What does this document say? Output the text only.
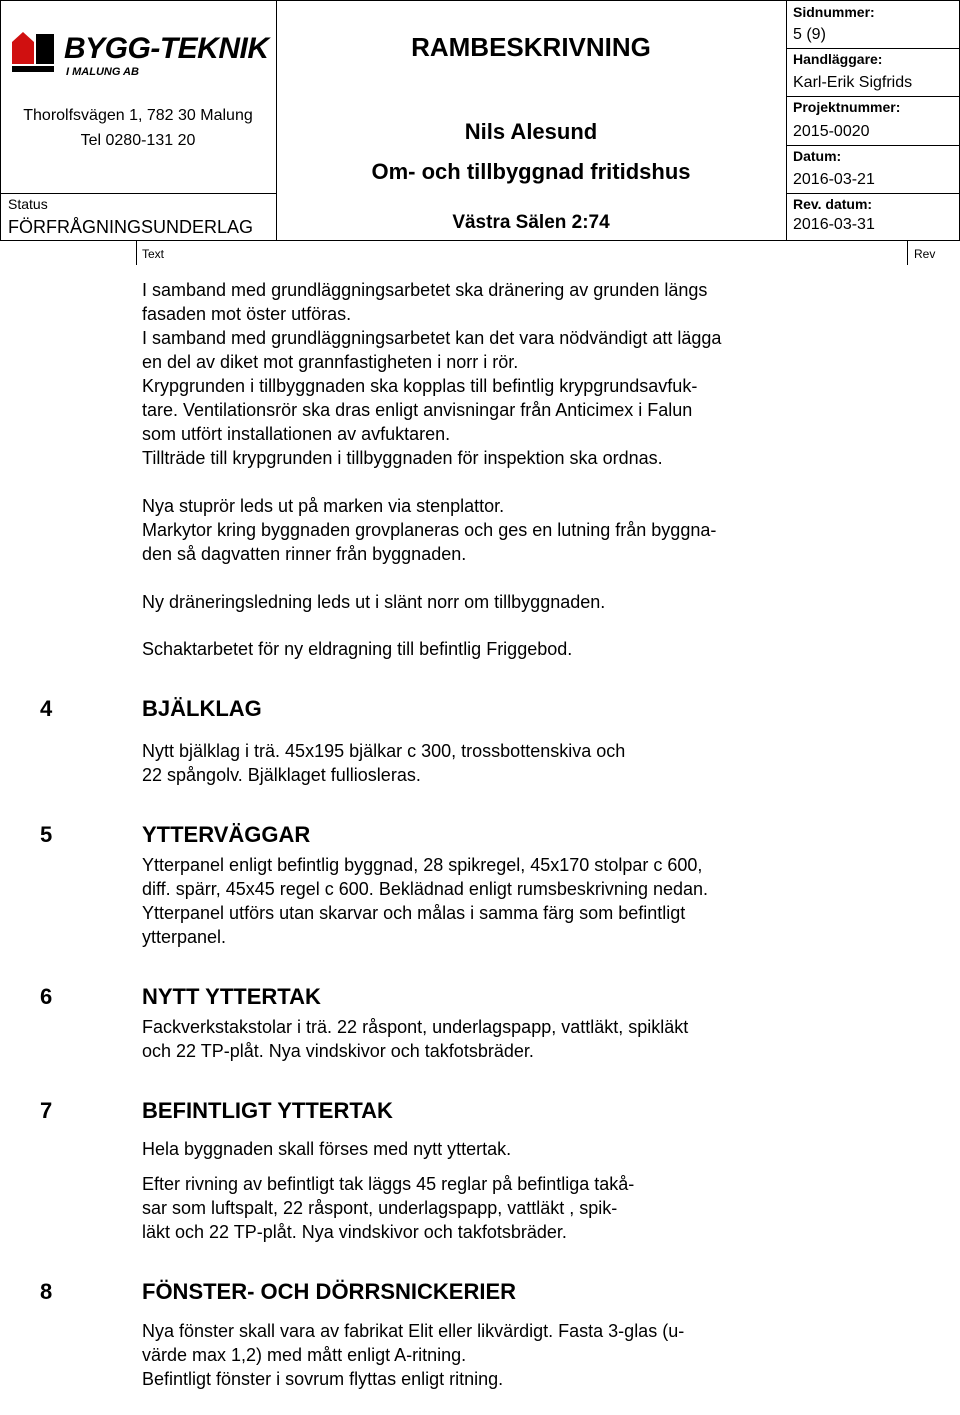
BYGG-TEKNIK
I MALUNG AB
Thorolfsvägen 1, 782 30 Malung
Tel 0280-131 20
Status
FÖRFRÅGNINGSUNDERLAG
RAMBESKRIVNING
Nils Alesund
Om- och tillbyggnad fritidshus
Västra Sälen 2:74
Sidnummer:
5 (9)
Handläggare:
Karl-Erik Sigfrids
Projektnummer:
2015-0020
Datum:
2016-03-21
Rev. datum:
2016-03-31
Text	Rev
I samband med grundläggningsarbetet ska dränering av grunden längs
fasaden mot öster utföras.
I samband med grundläggningsarbetet kan det vara nödvändigt att lägga
en del av diket mot grannfastigheten i norr i rör.
Krypgrunden i tillbyggnaden ska kopplas till befintlig krypgrundsavfuk-
tare. Ventilationsrör ska dras enligt anvisningar från Anticimex i Falun
som utfört installationen av avfuktaren.
Tillträde till krypgrunden i tillbyggnaden för inspektion ska ordnas.
Nya stuprör leds ut på marken via stenplattor.
Markytor kring byggnaden grovplaneras och ges en lutning från byggna-
den så dagvatten rinner från byggnaden.
Ny dräneringsledning leds ut i slänt norr om tillbyggnaden.
Schaktarbetet för ny eldragning till befintlig Friggebod.
4	BJÄLKLAG
Nytt bjälklag i trä. 45x195 bjälkar c 300, trossbottenskiva och
22 spångolv. Bjälklaget fulliosleras.
5	YTTERVÄGGAR
Ytterpanel enligt befintlig byggnad, 28 spikregel, 45x170 stolpar c 600,
diff. spärr, 45x45 regel c 600. Beklädnad enligt rumsbeskrivning nedan.
Ytterpanel utförs utan skarvar och målas i samma färg som befintligt
ytterpanel.
6	NYTT YTTERTAK
Fackverkstakstolar i trä. 22 råspont, underlagspapp, vattläkt, spikläkt
och 22 TP-plåt. Nya vindskivor och takfotsbräder.
7	BEFINTLIGT YTTERTAK
Hela byggnaden skall förses med nytt yttertak.
Efter rivning av befintligt tak läggs 45 reglar på befintliga takå-
sar som luftspalt, 22 råspont, underlagspapp, vattläkt , spik-
läkt och 22 TP-plåt. Nya vindskivor och takfotsbräder.
8	FÖNSTER- OCH DÖRRSNICKERIER
Nya fönster skall vara av fabrikat Elit eller likvärdigt. Fasta 3-glas (u-
värde max 1,2) med mått enligt A-ritning.
Befintligt fönster i sovrum flyttas enligt ritning.
